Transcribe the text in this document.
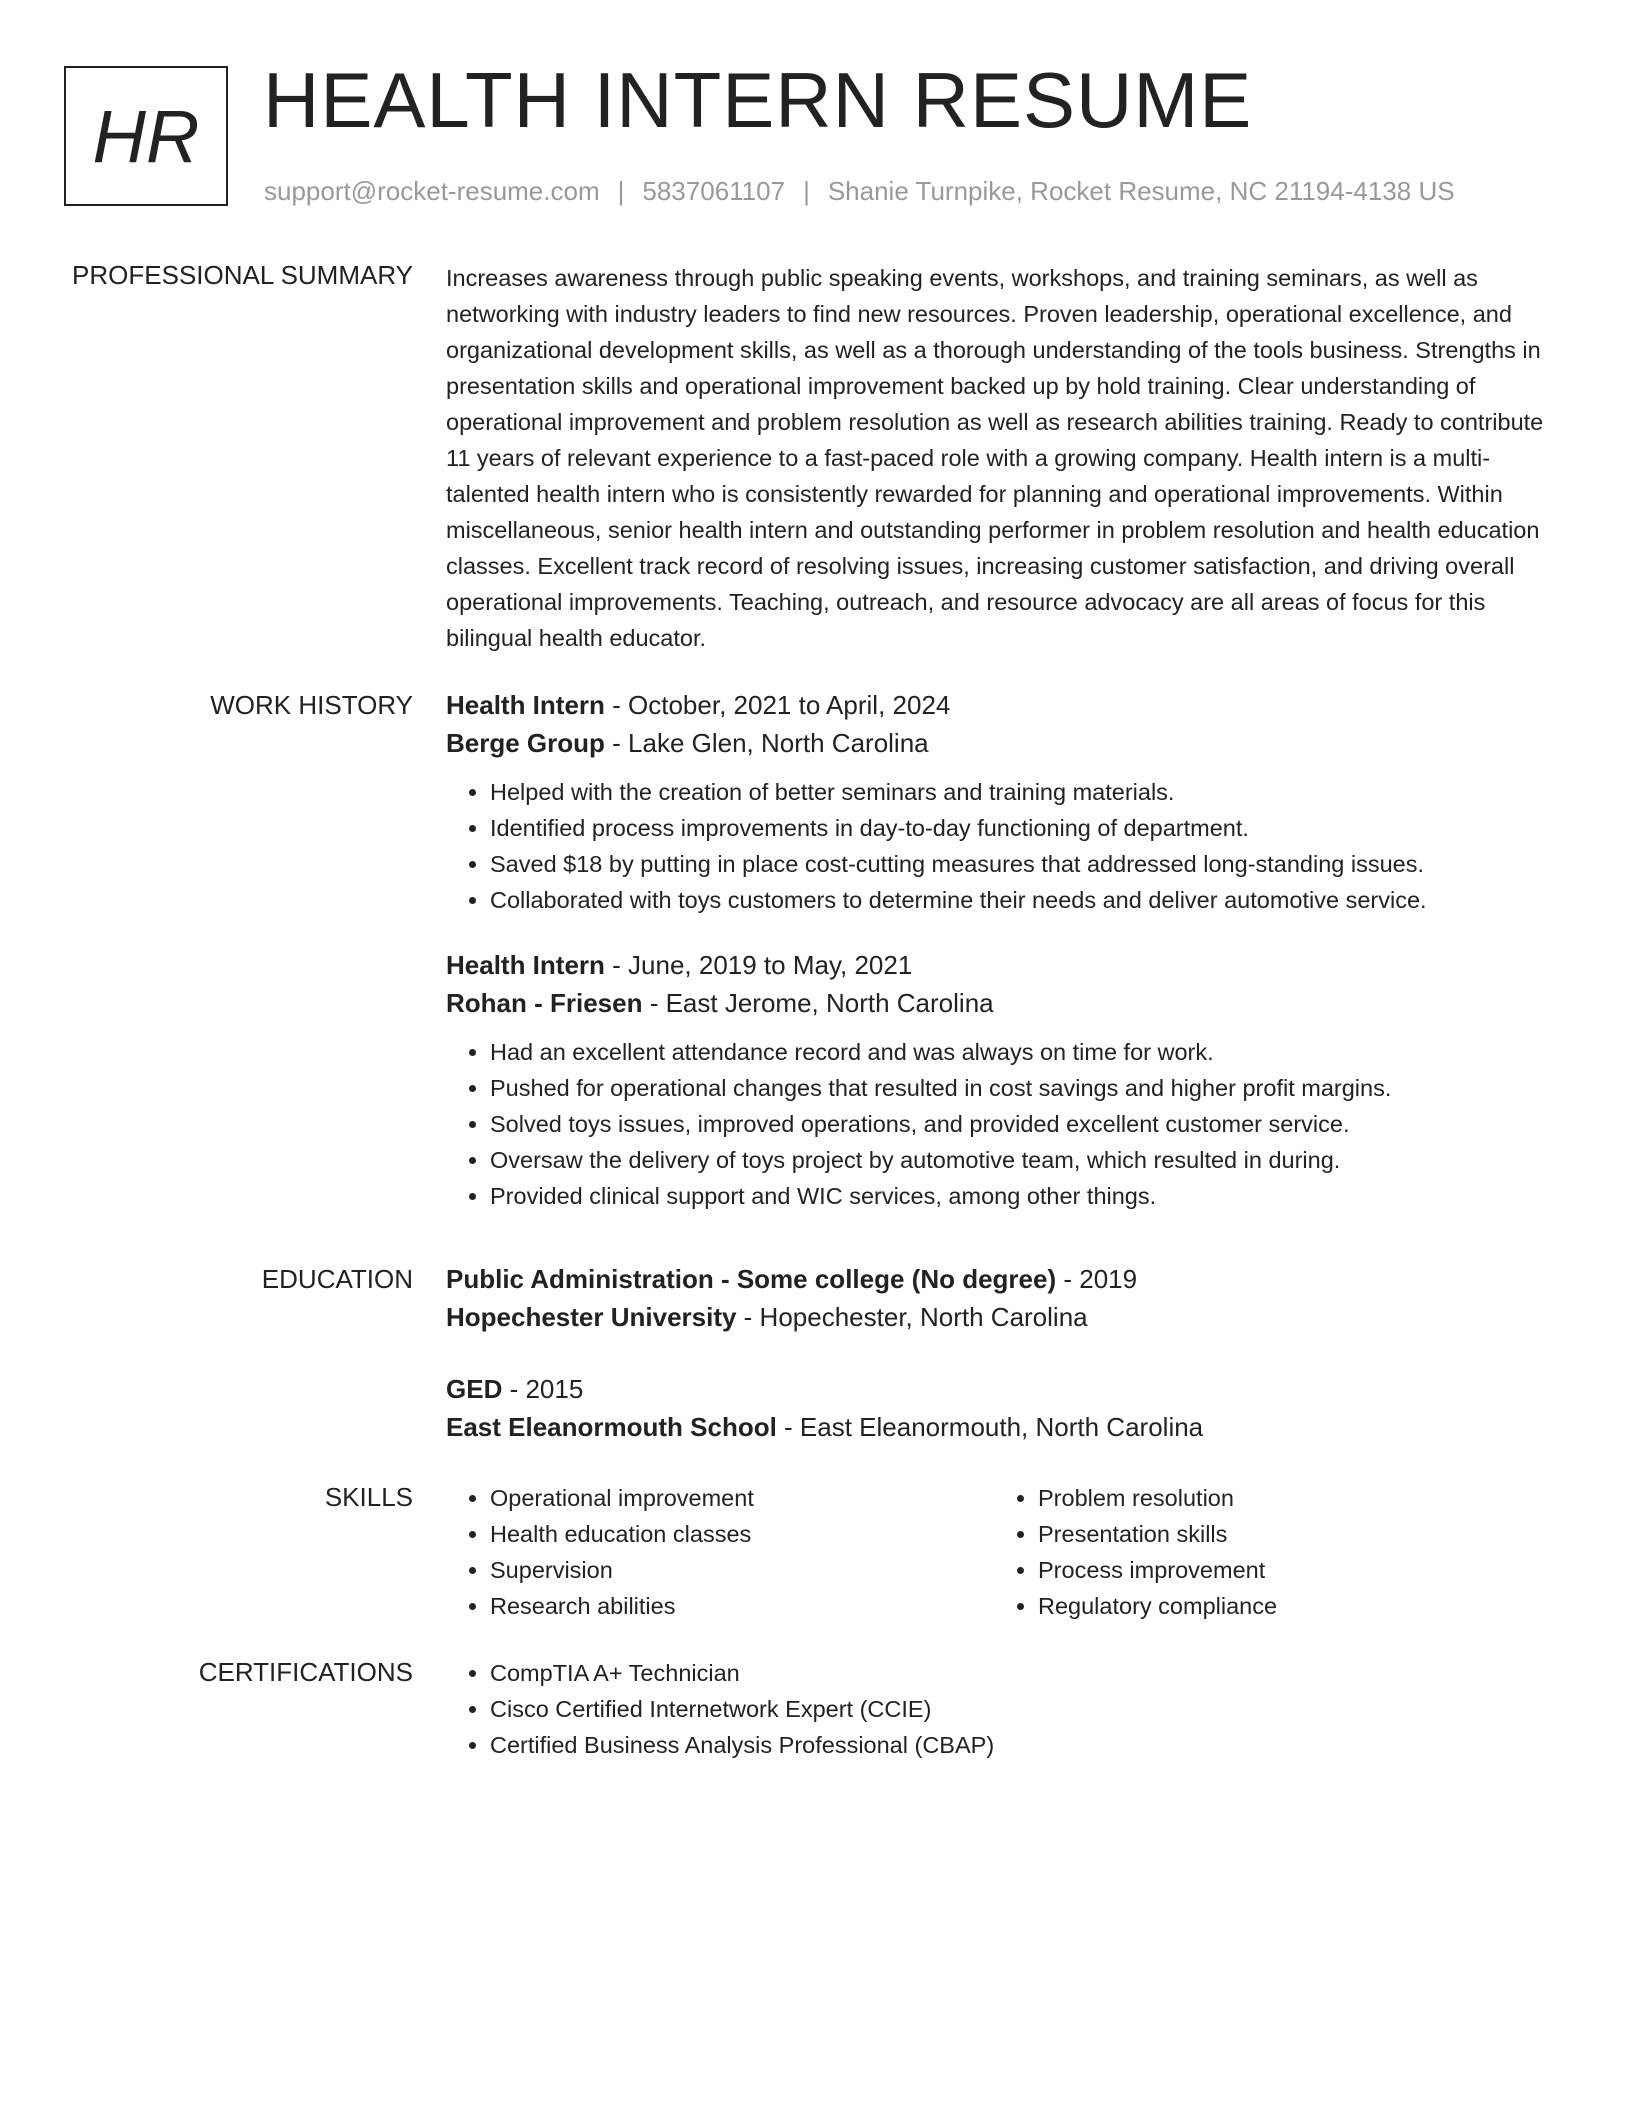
HR HEALTH INTERN RESUME
support@rocket-resume.com | 5837061107 | Shanie Turnpike, Rocket Resume, NC 21194-4138 US
PROFESSIONAL SUMMARY Increases awareness through public speaking events, workshops, and training seminars, as well as networking with industry leaders to find new resources. Proven leadership, operational excellence, and organizational development skills, as well as a thorough understanding of the tools business. Strengths in presentation skills and operational improvement backed up by hold training. Clear understanding of operational improvement and problem resolution as well as research abilities training. Ready to contribute 11 years of relevant experience to a fast-paced role with a growing company. Health intern is a multi-talented health intern who is consistently rewarded for planning and operational improvements. Within miscellaneous, senior health intern and outstanding performer in problem resolution and health education classes. Excellent track record of resolving issues, increasing customer satisfaction, and driving overall operational improvements. Teaching, outreach, and resource advocacy are all areas of focus for this bilingual health educator.

WORK HISTORY Health Intern - October, 2021 to April, 2024

Berge Group - Lake Glen, North Carolina

• Helped with the creation of better seminars and training materials.
• Identified process improvements in day-to-day functioning of department.
• Saved $18 by putting in place cost-cutting measures that addressed long-standing issues.
• Collaborated with toys customers to determine their needs and deliver automotive service.

Health Intern - June, 2019 to May, 2021

Rohan - Friesen - East Jerome, North Carolina

• Had an excellent attendance record and was always on time for work.
• Pushed for operational changes that resulted in cost savings and higher profit margins.
• Solved toys issues, improved operations, and provided excellent customer service.
• Oversaw the delivery of toys project by automotive team, which resulted in during.
• Provided clinical support and WIC services, among other things.
EDUCATION Public Administration - Some college (No degree) - 2019

Hopechester University - Hopechester, North Carolina

GED - 2015

East Eleanormouth School - East Eleanormouth, North Carolina

SKILLS	• Operational improvement
• Health education classes
• Supervision
• Research abilities
• Problem resolution
• Presentation skills
• Process improvement
• Regulatory compliance
CERTIFICATIONS	• CompTIA A+ Technician
• Cisco Certified Internetwork Expert (CCIE)
• Certified Business Analysis Professional (CBAP)
